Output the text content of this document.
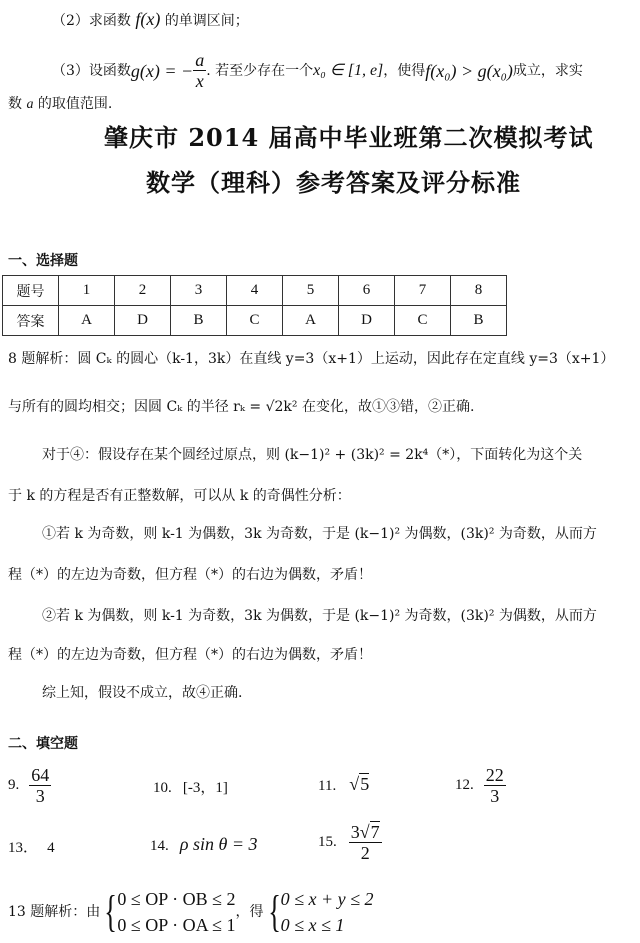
（2）求函数 f(x) 的单调区间；
（3）设函数 g(x) = − $\frac{a}{x}$ . 若至少存在一个 x₀ ∈ [1, e] ，使得 f(x₀) > g(x₀) 成立，求实
数 a 的取值范围.
肇庆市 2014 届高中毕业班第二次模拟考试
数学（理科）参考答案及评分标准
一、选择题
题号	1	2	3	4	5	6	7	8
答案	A	D	B	C	A	D	C	B
8 题解析：圆 Cₖ 的圆心（k-1，3k）在直线 y=3（x+1）上运动，因此存在定直线 y=3（x+1）
与所有的圆均相交；因圆 Cₖ 的半径 rₖ = √2k² 在变化，故①③错，②正确.
对于④：假设存在某个圆经过原点，则 (k−1)² + (3k)² = 2k⁴（*），下面转化为这个关
于 k 的方程是否有正整数解，可以从 k 的奇偶性分析：
①若 k 为奇数，则 k-1 为偶数，3k 为奇数，于是 (k−1)² 为偶数，(3k)² 为奇数，从而方
程（*）的左边为奇数，但方程（*）的右边为偶数，矛盾！
②若 k 为偶数，则 k-1 为奇数，3k 为偶数，于是 (k−1)² 为奇数，(3k)² 为偶数，从而方
程（*）的左边为奇数，但方程（*）的右边为偶数，矛盾！
综上知，假设不成立，故④正确.
二、填空题
9. $\frac{64}{3}$	10. [-3，1]	11. √5	12. $\frac{22}{3}$
13． 4	14. ρ sin θ = 3	15. $\frac{3√7}{2}$
13 题解析：由 { 0 ≤ OP · OB ≤ 2
0 ≤ OP · OA ≤ 1
，得 { 0 ≤ x + y ≤ 2
0 ≤ x ≤ 1
